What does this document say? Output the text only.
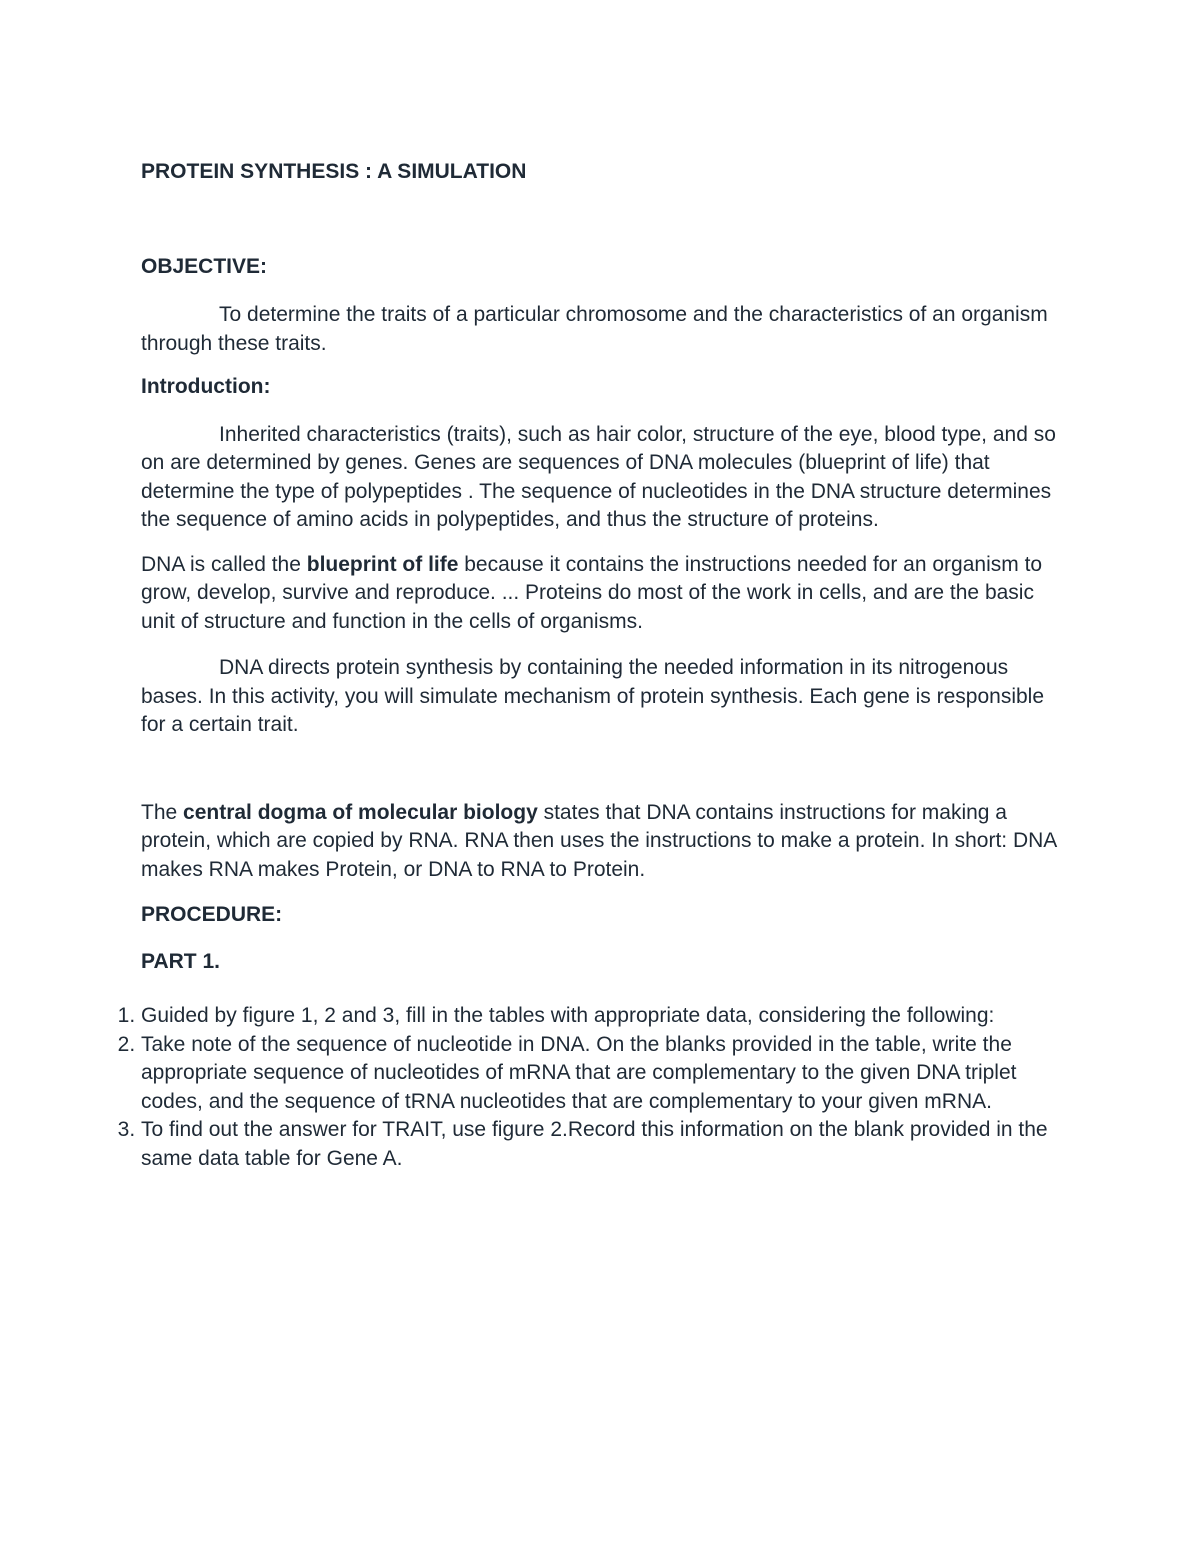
PROTEIN SYNTHESIS : A SIMULATION

OBJECTIVE:

To determine the traits of a particular chromosome and the characteristics of an organism through these traits.

Introduction:

Inherited characteristics (traits), such as hair color, structure of the eye, blood type, and so on are determined by genes. Genes are sequences of DNA molecules (blueprint of life) that determine the type of polypeptides . The sequence of nucleotides in the DNA structure determines the sequence of amino acids in polypeptides, and thus the structure of proteins.

DNA is called the blueprint of life because it contains the instructions needed for an organism to grow, develop, survive and reproduce. ... Proteins do most of the work in cells, and are the basic unit of structure and function in the cells of organisms.

DNA directs protein synthesis by containing the needed information in its nitrogenous bases. In this activity, you will simulate mechanism of protein synthesis. Each gene is responsible for a certain trait.

The central dogma of molecular biology states that DNA contains instructions for making a protein, which are copied by RNA. RNA then uses the instructions to make a protein. In short: DNA makes RNA makes Protein, or DNA to RNA to Protein.

PROCEDURE:

PART 1.

1. Guided by figure 1, 2 and 3, fill in the tables with appropriate data, considering the following:
2. Take note of the sequence of nucleotide in DNA. On the blanks provided in the table, write the appropriate sequence of nucleotides of mRNA that are complementary to the given DNA triplet codes, and the sequence of tRNA nucleotides that are complementary to your given mRNA.
3. To find out the answer for TRAIT, use figure 2.Record this information on the blank provided in the same data table for Gene A.
